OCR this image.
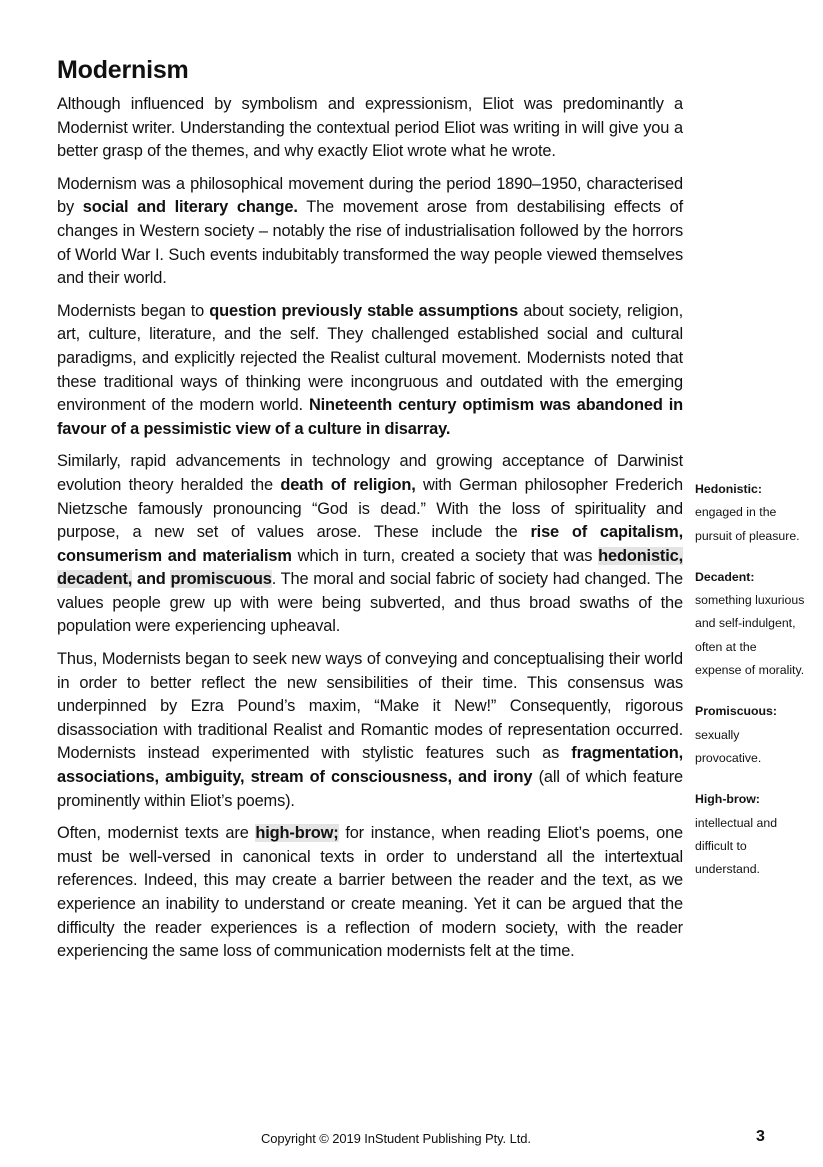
Modernism

Although influenced by symbolism and expressionism, Eliot was predominantly a Modernist writer. Understanding the contextual period Eliot was writing in will give you a better grasp of the themes, and why exactly Eliot wrote what he wrote.

Modernism was a philosophical movement during the period 1890–1950, characterised by social and literary change. The movement arose from destabilising effects of changes in Western society – notably the rise of industrialisation followed by the horrors of World War I. Such events indubitably transformed the way people viewed themselves and their world.

Modernists began to question previously stable assumptions about society, religion, art, culture, literature, and the self. They challenged established social and cultural paradigms, and explicitly rejected the Realist cultural movement. Modernists noted that these traditional ways of thinking were incongruous and outdated with the emerging environment of the modern world. Nineteenth century optimism was abandoned in favour of a pessimistic view of a culture in disarray.

Similarly, rapid advancements in technology and growing acceptance of Darwinist evolution theory heralded the death of religion, with German philosopher Frederich Nietzsche famously pronouncing “God is dead.” With the loss of spirituality and purpose, a new set of values arose. These include the rise of capitalism, consumerism and materialism which in turn, created a society that was hedonistic, decadent, and promiscuous. The moral and social fabric of society had changed. The values people grew up with were being subverted, and thus broad swaths of the population were experiencing upheaval.

Thus, Modernists began to seek new ways of conveying and conceptualising their world in order to better reflect the new sensibilities of their time. This consensus was underpinned by Ezra Pound’s maxim, “Make it New!” Consequently, rigorous disassociation with traditional Realist and Romantic modes of representation occurred. Modernists instead experimented with stylistic features such as fragmentation, associations, ambiguity, stream of consciousness, and irony (all of which feature prominently within Eliot’s poems).

Often, modernist texts are high-brow; for instance, when reading Eliot’s poems, one must be well-versed in canonical texts in order to understand all the intertextual references. Indeed, this may create a barrier between the reader and the text, as we experience an inability to understand or create meaning. Yet it can be argued that the difficulty the reader experiences is a reflection of modern society, with the reader experiencing the same loss of communication modernists felt at the time.

Hedonistic:
engaged in the pursuit of pleasure.
Decadent:
something luxurious and self-indulgent, often at the expense of morality.
Promiscuous:
sexually provocative.
High-brow:
intellectual and difficult to understand.
Copyright © 2019 InStudent Publishing Pty. Ltd.	3
